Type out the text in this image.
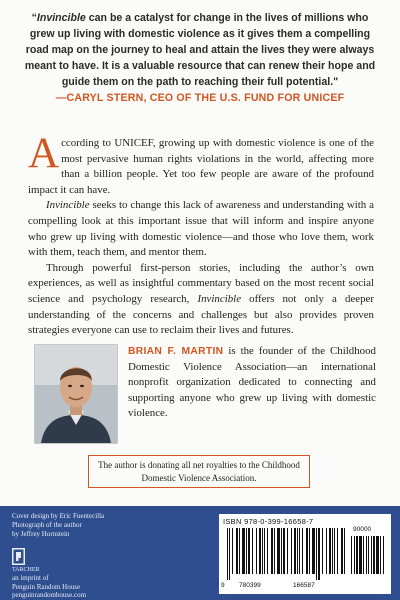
“Invincible can be a catalyst for change in the lives of millions who grew up living with domestic violence as it gives them a compelling road map on the journey to heal and attain the lives they were always meant to have. It is a valuable resource that can renew their hope and guide them on the path to reaching their full potential."
—CARYL STERN, CEO OF THE U.S. FUND FOR UNICEF

According to UNICEF, growing up with domestic violence is one of the most pervasive human rights violations in the world, affecting more than a billion people. Yet too few people are aware of the profound impact it can have.

Invincible seeks to change this lack of awareness and understanding with a compelling look at this important issue that will inform and inspire anyone who grew up living with domestic violence—and those who love them, work with them, teach them, and mentor them.

Through powerful first-person stories, including the author’s own experiences, as well as insightful commentary based on the most recent social science and psychology research, Invincible offers not only a deeper understanding of the concerns and challenges but also provides proven strategies everyone can use to reclaim their lives and futures.

BRIAN F. MARTIN is the founder of the Childhood Domestic Violence Association—an international nonprofit organization dedicated to connecting and supporting anyone who grew up living with domestic violence.
The author is donating all net royalties to the Childhood Domestic Violence Association.
Cover design by Eric Fuentecilla
Photograph of the author
by Jeffrey Hornstein
TARCHER
an imprint of
Penguin Random House
penguinrandomhouse.com
ISBN 978-0-399-16658-7
90000
9 780399	166587
